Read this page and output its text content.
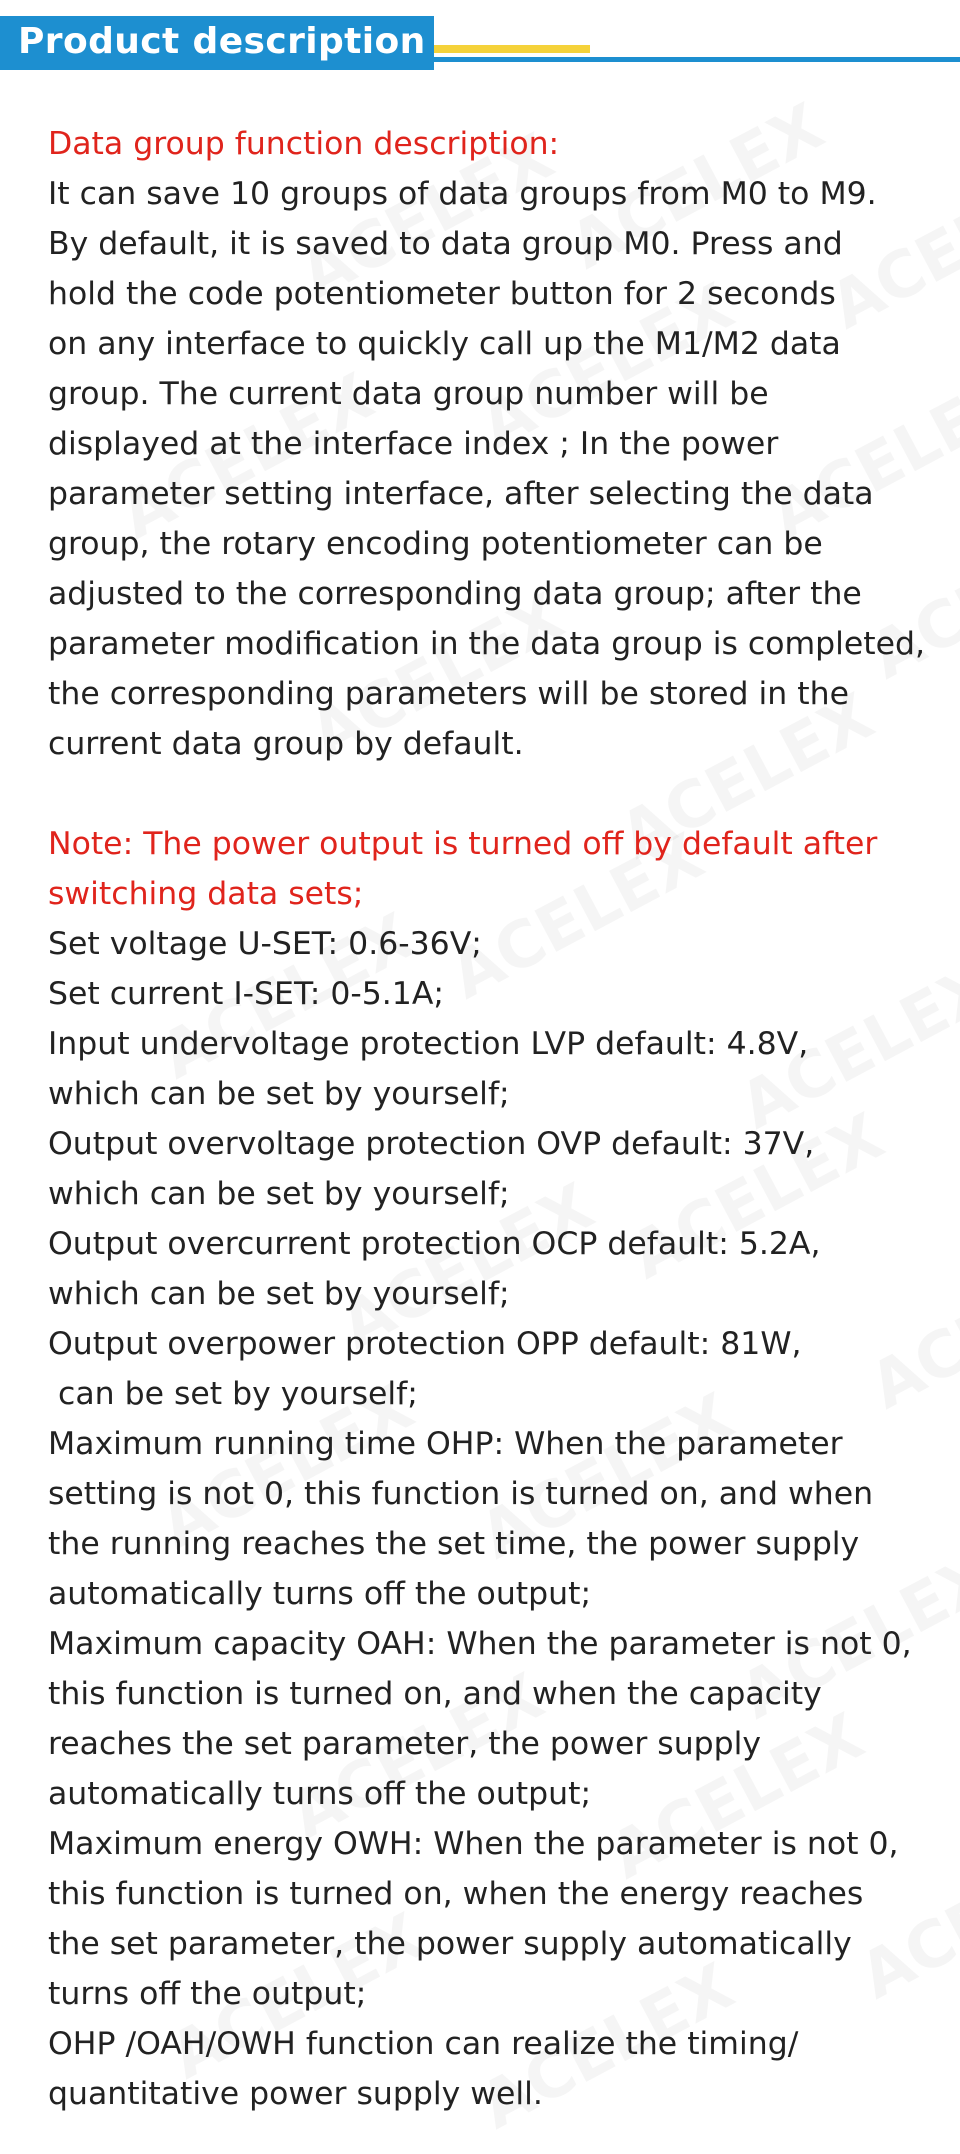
Product description
Data group function description:
It can save 10 groups of data groups from M0 to M9.
By default, it is saved to data group M0. Press and
hold the code potentiometer button for 2 seconds
on any interface to quickly call up the M1/M2 data
group. The current data group number will be
displayed at the interface index ; In the power
parameter setting interface, after selecting the data
group, the rotary encoding potentiometer can be
adjusted to the corresponding data group; after the
parameter modification in the data group is completed,
the corresponding parameters will be stored in the
current data group by default.
Note: The power output is turned off by default after
switching data sets;
Set voltage U-SET: 0.6-36V;
Set current I-SET: 0-5.1A;
Input undervoltage protection LVP default: 4.8V,
which can be set by yourself;
Output overvoltage protection OVP default: 37V,
which can be set by yourself;
Output overcurrent protection OCP default: 5.2A,
which can be set by yourself;
Output overpower protection OPP default: 81W,
can be set by yourself;
Maximum running time OHP: When the parameter
setting is not 0, this function is turned on, and when
the running reaches the set time, the power supply
automatically turns off the output;
Maximum capacity OAH: When the parameter is not 0,
this function is turned on, and when the capacity
reaches the set parameter, the power supply
automatically turns off the output;
Maximum energy OWH: When the parameter is not 0,
this function is turned on, when the energy reaches
the set parameter, the power supply automatically
turns off the output;
OHP /OAH/OWH function can realize the timing/
quantitative power supply well.
